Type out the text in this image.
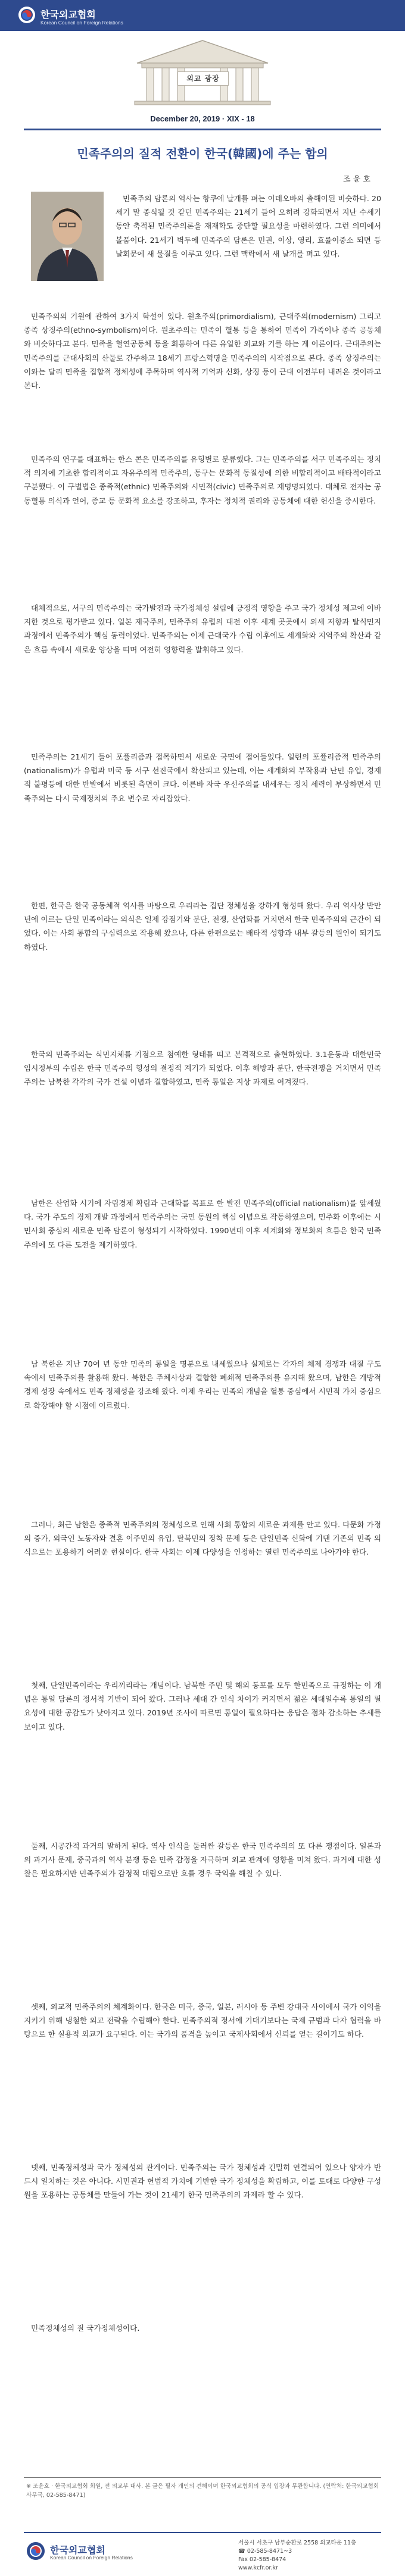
한국외교협회
Korean Council on Foreign Relations
외교 광장
December 20, 2019 · XIX - 18
민족주의의 질적 전환이 한국(韓國)에 주는 함의
조 윤 호

민족주의 담론의 역사는 항쿠에 날개를 펴는 이데오바의 출해이된 비슷하다. 20세기 말 종식될 것 같던 민족주의는 21세기 들어 오히려 강화되면서 지난 수세기 동안 축적된 민족주의론을 재재학도 중단할 필요성을 마련하였다. 그런 의미에서 볼품이다. 21세기 벽두에 민족주의 담론은 민권, 이상, 영리, 효률이중소 되면 등 날회문에 새 물결을 이루고 있다. 그런 맥락에서 새 날개를 펴고 있다.

민족주의의 기원에 관하여 3가지 학설이 있다. 원초주의(primordialism), 근대주의(modernism) 그리고 종족 상징주의(ethno-symbolism)이다. 원초주의는 민족이 혈통 등을 통하여 민족이 가족이나 종족 공동체와 비슷하다고 본다. 민족을 혈연공동체 등을 회통하여 다른 유일한 외교와 기를 하는 게 이론이다. 근대주의는 민족주의를 근대사회의 산물로 간주하고 18세기 프랑스혁명을 민족주의의 시작점으로 본다. 종족 상징주의는 이와는 달리 민족을 집합적 정체성에 주목하며 역사적 기억과 신화, 상징 등이 근대 이전부터 내려온 것이라고 본다.

민족주의 연구를 대표하는 한스 콘은 민족주의를 유형별로 분류했다. 그는 민족주의를 서구 민족주의는 정치적 의지에 기초한 합리적이고 자유주의적 민족주의, 동구는 문화적 동질성에 의한 비합리적이고 배타적이라고 구분했다. 이 구별법은 종족적(ethnic) 민족주의와 시민적(civic) 민족주의로 재명명되었다. 대체로 전자는 공동혈통 의식과 언어, 종교 등 문화적 요소를 강조하고, 후자는 정치적 권리와 공동체에 대한 헌신을 중시한다.

대체적으로, 서구의 민족주의는 국가발전과 국가정체성 설립에 긍정적 영향을 주고 국가 정체성 제고에 이바지한 것으로 평가받고 있다. 일본 제국주의, 민족주의 유럽의 대전 이후 세계 곳곳에서 외세 저항과 탈식민지 과정에서 민족주의가 핵심 동력이었다. 민족주의는 이제 근대국가 수립 이후에도 세계화와 지역주의 확산과 같은 흐름 속에서 새로운 양상을 띠며 여전히 영향력을 발휘하고 있다.

민족주의는 21세기 들어 포퓰리즘과 접목하면서 새로운 국면에 접어들었다. 일련의 포퓰리즘적 민족주의(nationalism)가 유럽과 미국 등 서구 선진국에서 확산되고 있는데, 이는 세계화의 부작용과 난민 유입, 경제적 불평등에 대한 반발에서 비롯된 측면이 크다. 이른바 자국 우선주의를 내세우는 정치 세력이 부상하면서 민족주의는 다시 국제정치의 주요 변수로 자리잡았다.

한편, 한국은 한국 공동체적 역사를 바탕으로 우리라는 집단 정체성을 강하게 형성해 왔다. 우리 역사상 반만년에 이르는 단일 민족이라는 의식은 일제 강점기와 분단, 전쟁, 산업화를 거치면서 한국 민족주의의 근간이 되었다. 이는 사회 통합의 구심력으로 작용해 왔으나, 다른 한편으로는 배타적 성향과 내부 갈등의 원인이 되기도 하였다.

한국의 민족주의는 식민지체를 기점으로 첨예한 형태를 띠고 본격적으로 출현하였다. 3.1운동과 대한민국 임시정부의 수립은 한국 민족주의 형성의 결정적 계기가 되었다. 이후 해방과 분단, 한국전쟁을 거치면서 민족주의는 남북한 각각의 국가 건설 이념과 결합하였고, 민족 통일은 지상 과제로 여겨졌다.

남한은 산업화 시기에 자립경제 확립과 근대화를 목표로 한 발전 민족주의(official nationalism)를 앞세웠다. 국가 주도의 경제 개발 과정에서 민족주의는 국민 동원의 핵심 이념으로 작동하였으며, 민주화 이후에는 시민사회 중심의 새로운 민족 담론이 형성되기 시작하였다. 1990년대 이후 세계화와 정보화의 흐름은 한국 민족주의에 또 다른 도전을 제기하였다.

남 북한은 지난 70여 년 동안 민족의 통일을 명분으로 내세웠으나 실제로는 각자의 체제 경쟁과 대결 구도 속에서 민족주의를 활용해 왔다. 북한은 주체사상과 결합한 폐쇄적 민족주의를 유지해 왔으며, 남한은 개방적 경제 성장 속에서도 민족 정체성을 강조해 왔다. 이제 우리는 민족의 개념을 혈통 중심에서 시민적 가치 중심으로 확장해야 할 시점에 이르렀다.

그러나, 최근 남한은 종족적 민족주의의 정체성으로 인해 사회 통합의 새로운 과제를 안고 있다. 다문화 가정의 증가, 외국인 노동자와 결혼 이주민의 유입, 탈북민의 정착 문제 등은 단일민족 신화에 기댄 기존의 민족 의식으로는 포용하기 어려운 현실이다. 한국 사회는 이제 다양성을 인정하는 열린 민족주의로 나아가야 한다.

첫째, 단일민족이라는 우리끼리라는 개념이다. 남북한 주민 및 해외 동포를 모두 한민족으로 규정하는 이 개념은 통일 담론의 정서적 기반이 되어 왔다. 그러나 세대 간 인식 차이가 커지면서 젊은 세대일수록 통일의 필요성에 대한 공감도가 낮아지고 있다. 2019년 조사에 따르면 통일이 필요하다는 응답은 점차 감소하는 추세를 보이고 있다.

둘째, 시공간적 과거의 말하게 된다. 역사 인식을 둘러싼 갈등은 한국 민족주의의 또 다른 쟁점이다. 일본과의 과거사 문제, 중국과의 역사 분쟁 등은 민족 감정을 자극하며 외교 관계에 영향을 미쳐 왔다. 과거에 대한 성찰은 필요하지만 민족주의가 감정적 대립으로만 흐를 경우 국익을 해칠 수 있다.

셋째, 외교적 민족주의의 체계화이다. 한국은 미국, 중국, 일본, 러시아 등 주변 강대국 사이에서 국가 이익을 지키기 위해 냉철한 외교 전략을 수립해야 한다. 민족주의적 정서에 기대기보다는 국제 규범과 다자 협력을 바탕으로 한 실용적 외교가 요구된다. 이는 국가의 품격을 높이고 국제사회에서 신뢰를 얻는 길이기도 하다.

넷째, 민족정체성과 국가 정체성의 관계이다. 민족주의는 국가 정체성과 긴밀히 연결되어 있으나 양자가 반드시 일치하는 것은 아니다. 시민권과 헌법적 가치에 기반한 국가 정체성을 확립하고, 이를 토대로 다양한 구성원을 포용하는 공동체를 만들어 가는 것이 21세기 한국 민족주의의 과제라 할 수 있다.

민족정체성의 질 국가정체성이다.

※ 조윤호 · 한국외교협회 회원, 전 외교부 대사. 본 글은 필자 개인의 견해이며 한국외교협회의 공식 입장과 무관합니다. (연락처: 한국외교협회 사무국, 02-585-8471)
한국외교협회
Korean Council on Foreign Relations
서울시 서초구 남부순환로 2558 외교타운 11층
☎ 02-585-8471~3
Fax 02-585-8474
www.kcfr.or.kr
